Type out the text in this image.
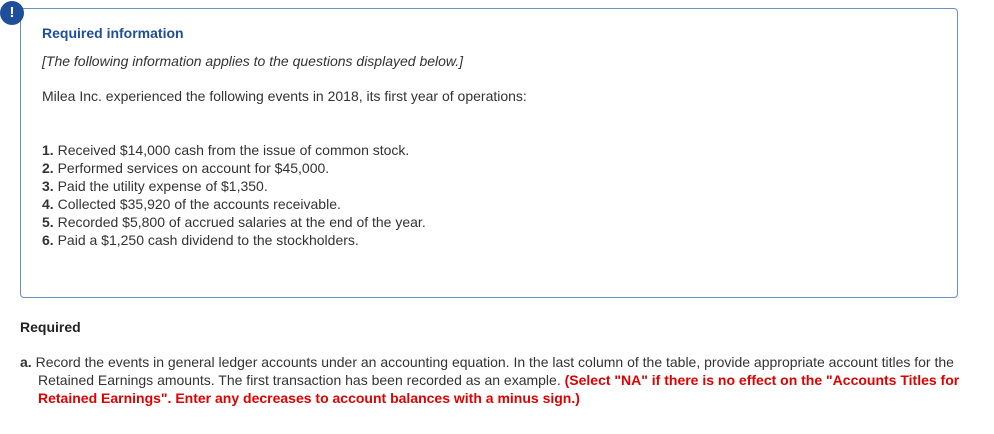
!
Required information
[The following information applies to the questions displayed below.]
Milea Inc. experienced the following events in 2018, its first year of operations:
1. Received $14,000 cash from the issue of common stock.
2. Performed services on account for $45,000.
3. Paid the utility expense of $1,350.
4. Collected $35,920 of the accounts receivable.
5. Recorded $5,800 of accrued salaries at the end of the year.
6. Paid a $1,250 cash dividend to the stockholders.
Required
a. Record the events in general ledger accounts under an accounting equation. In the last column of the table, provide appropriate account titles for the Retained Earnings amounts. The first transaction has been recorded as an example. (Select "NA" if there is no effect on the "Accounts Titles for Retained Earnings". Enter any decreases to account balances with a minus sign.)
